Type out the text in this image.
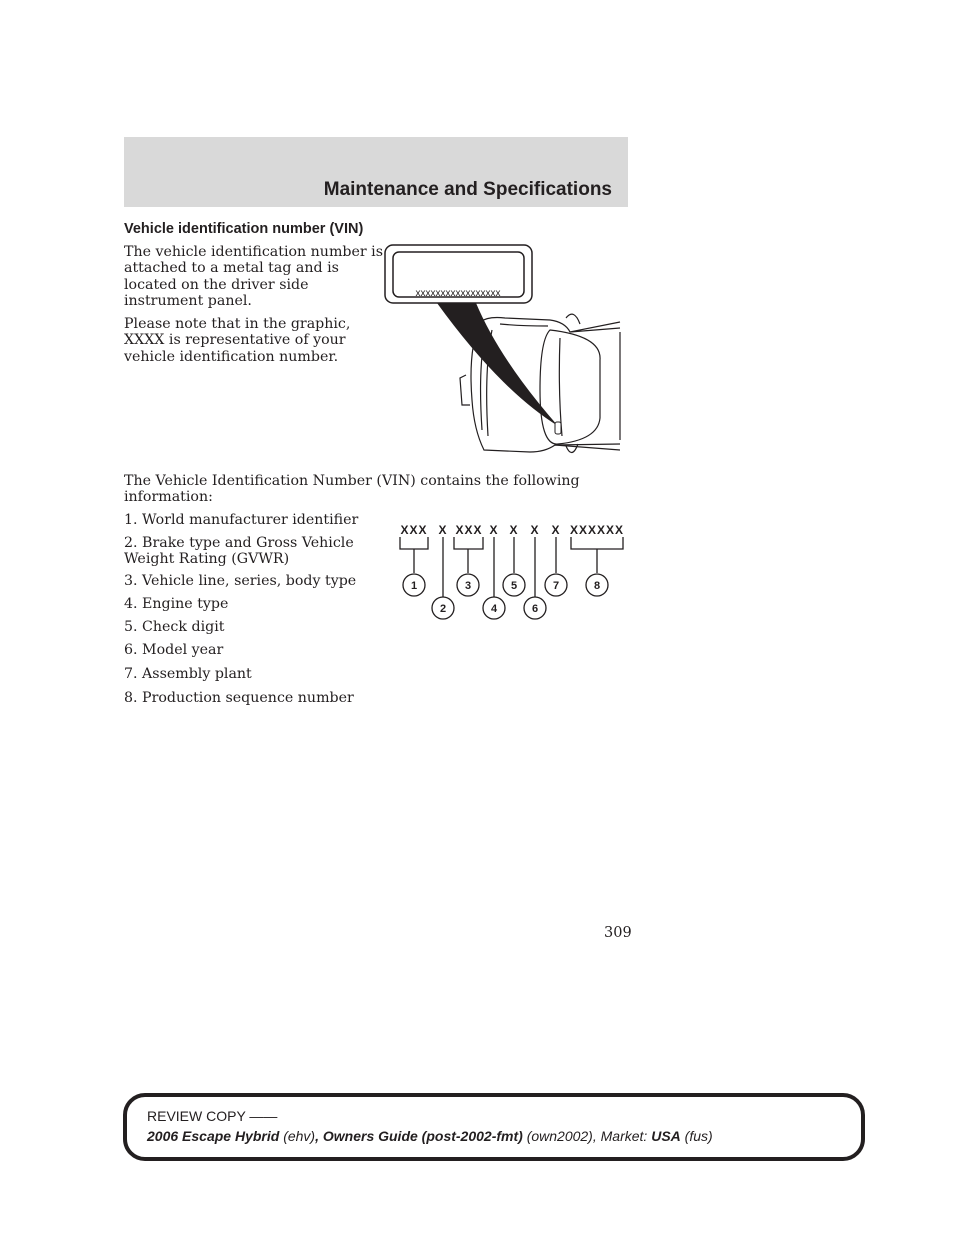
Maintenance and Specifications
Vehicle identification number (VIN)
The vehicle identification number is
attached to a metal tag and is
located on the driver side
instrument panel.
Please note that in the graphic,
XXXX is representative of your
vehicle identification number.
xxxxxxxxxxxxxxxxx
The Vehicle Identification Number (VIN) contains the following
information:
1. World manufacturer identifier
2. Brake type and Gross Vehicle
Weight Rating (GVWR)
3. Vehicle line, series, body type
4. Engine type
5. Check digit
6. Model year
7. Assembly plant
8. Production sequence number
XXX X XXX X X X X XXXXXX
1
2
3
4
5
6
7	8
309
REVIEW COPY ——
2006 Escape Hybrid (ehv), Owners Guide (post-2002-fmt) (own2002), Market: USA (fus)
